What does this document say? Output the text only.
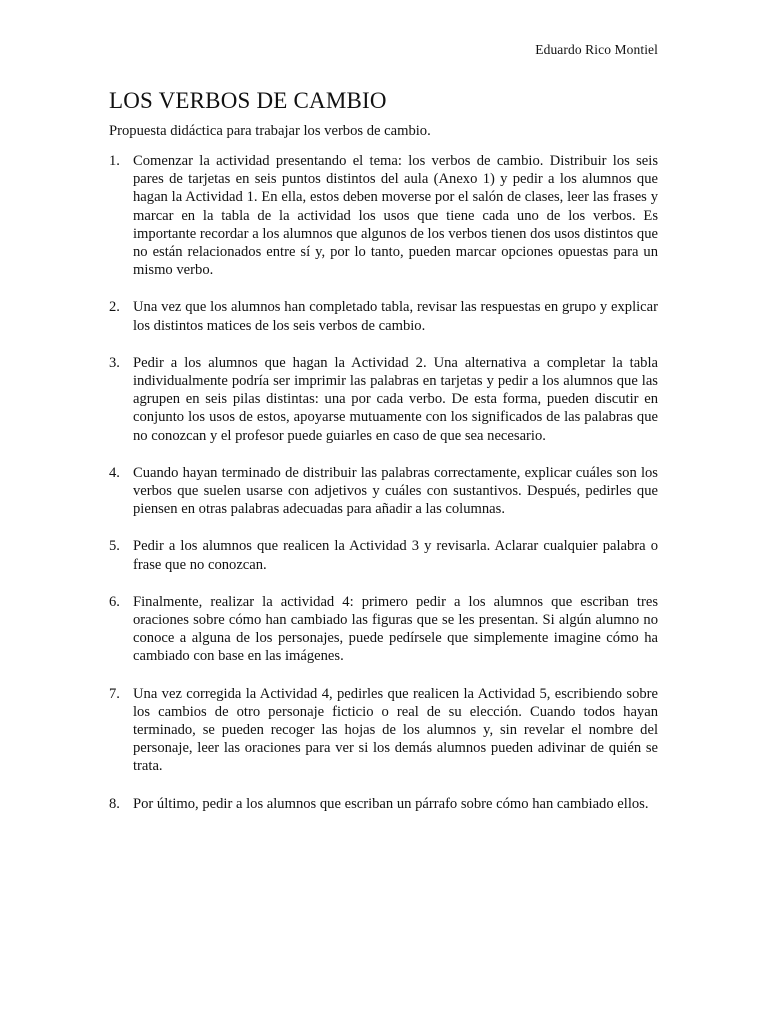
Eduardo Rico Montiel
LOS VERBOS DE CAMBIO

Propuesta didáctica para trabajar los verbos de cambio.

1. Comenzar la actividad presentando el tema: los verbos de cambio. Distribuir los seis pares de tarjetas en seis puntos distintos del aula (Anexo 1) y pedir a los alumnos que hagan la Actividad 1. En ella, estos deben moverse por el salón de clases, leer las frases y marcar en la tabla de la actividad los usos que tiene cada uno de los verbos. Es importante recordar a los alumnos que algunos de los verbos tienen dos usos distintos que no están relacionados entre sí y, por lo tanto, pueden marcar opciones opuestas para un mismo verbo.
2. Una vez que los alumnos han completado tabla, revisar las respuestas en grupo y explicar los distintos matices de los seis verbos de cambio.
3. Pedir a los alumnos que hagan la Actividad 2. Una alternativa a completar la tabla individualmente podría ser imprimir las palabras en tarjetas y pedir a los alumnos que las agrupen en seis pilas distintas: una por cada verbo. De esta forma, pueden discutir en conjunto los usos de estos, apoyarse mutuamente con los significados de las palabras que no conozcan y el profesor puede guiarles en caso de que sea necesario.
4. Cuando hayan terminado de distribuir las palabras correctamente, explicar cuáles son los verbos que suelen usarse con adjetivos y cuáles con sustantivos. Después, pedirles que piensen en otras palabras adecuadas para añadir a las columnas.
5. Pedir a los alumnos que realicen la Actividad 3 y revisarla. Aclarar cualquier palabra o frase que no conozcan.
6. Finalmente, realizar la actividad 4: primero pedir a los alumnos que escriban tres oraciones sobre cómo han cambiado las figuras que se les presentan. Si algún alumno no conoce a alguna de los personajes, puede pedírsele que simplemente imagine cómo ha cambiado con base en las imágenes.
7. Una vez corregida la Actividad 4, pedirles que realicen la Actividad 5, escribiendo sobre los cambios de otro personaje ficticio o real de su elección. Cuando todos hayan terminado, se pueden recoger las hojas de los alumnos y, sin revelar el nombre del personaje, leer las oraciones para ver si los demás alumnos pueden adivinar de quién se trata.
8. Por último, pedir a los alumnos que escriban un párrafo sobre cómo han cambiado ellos.
